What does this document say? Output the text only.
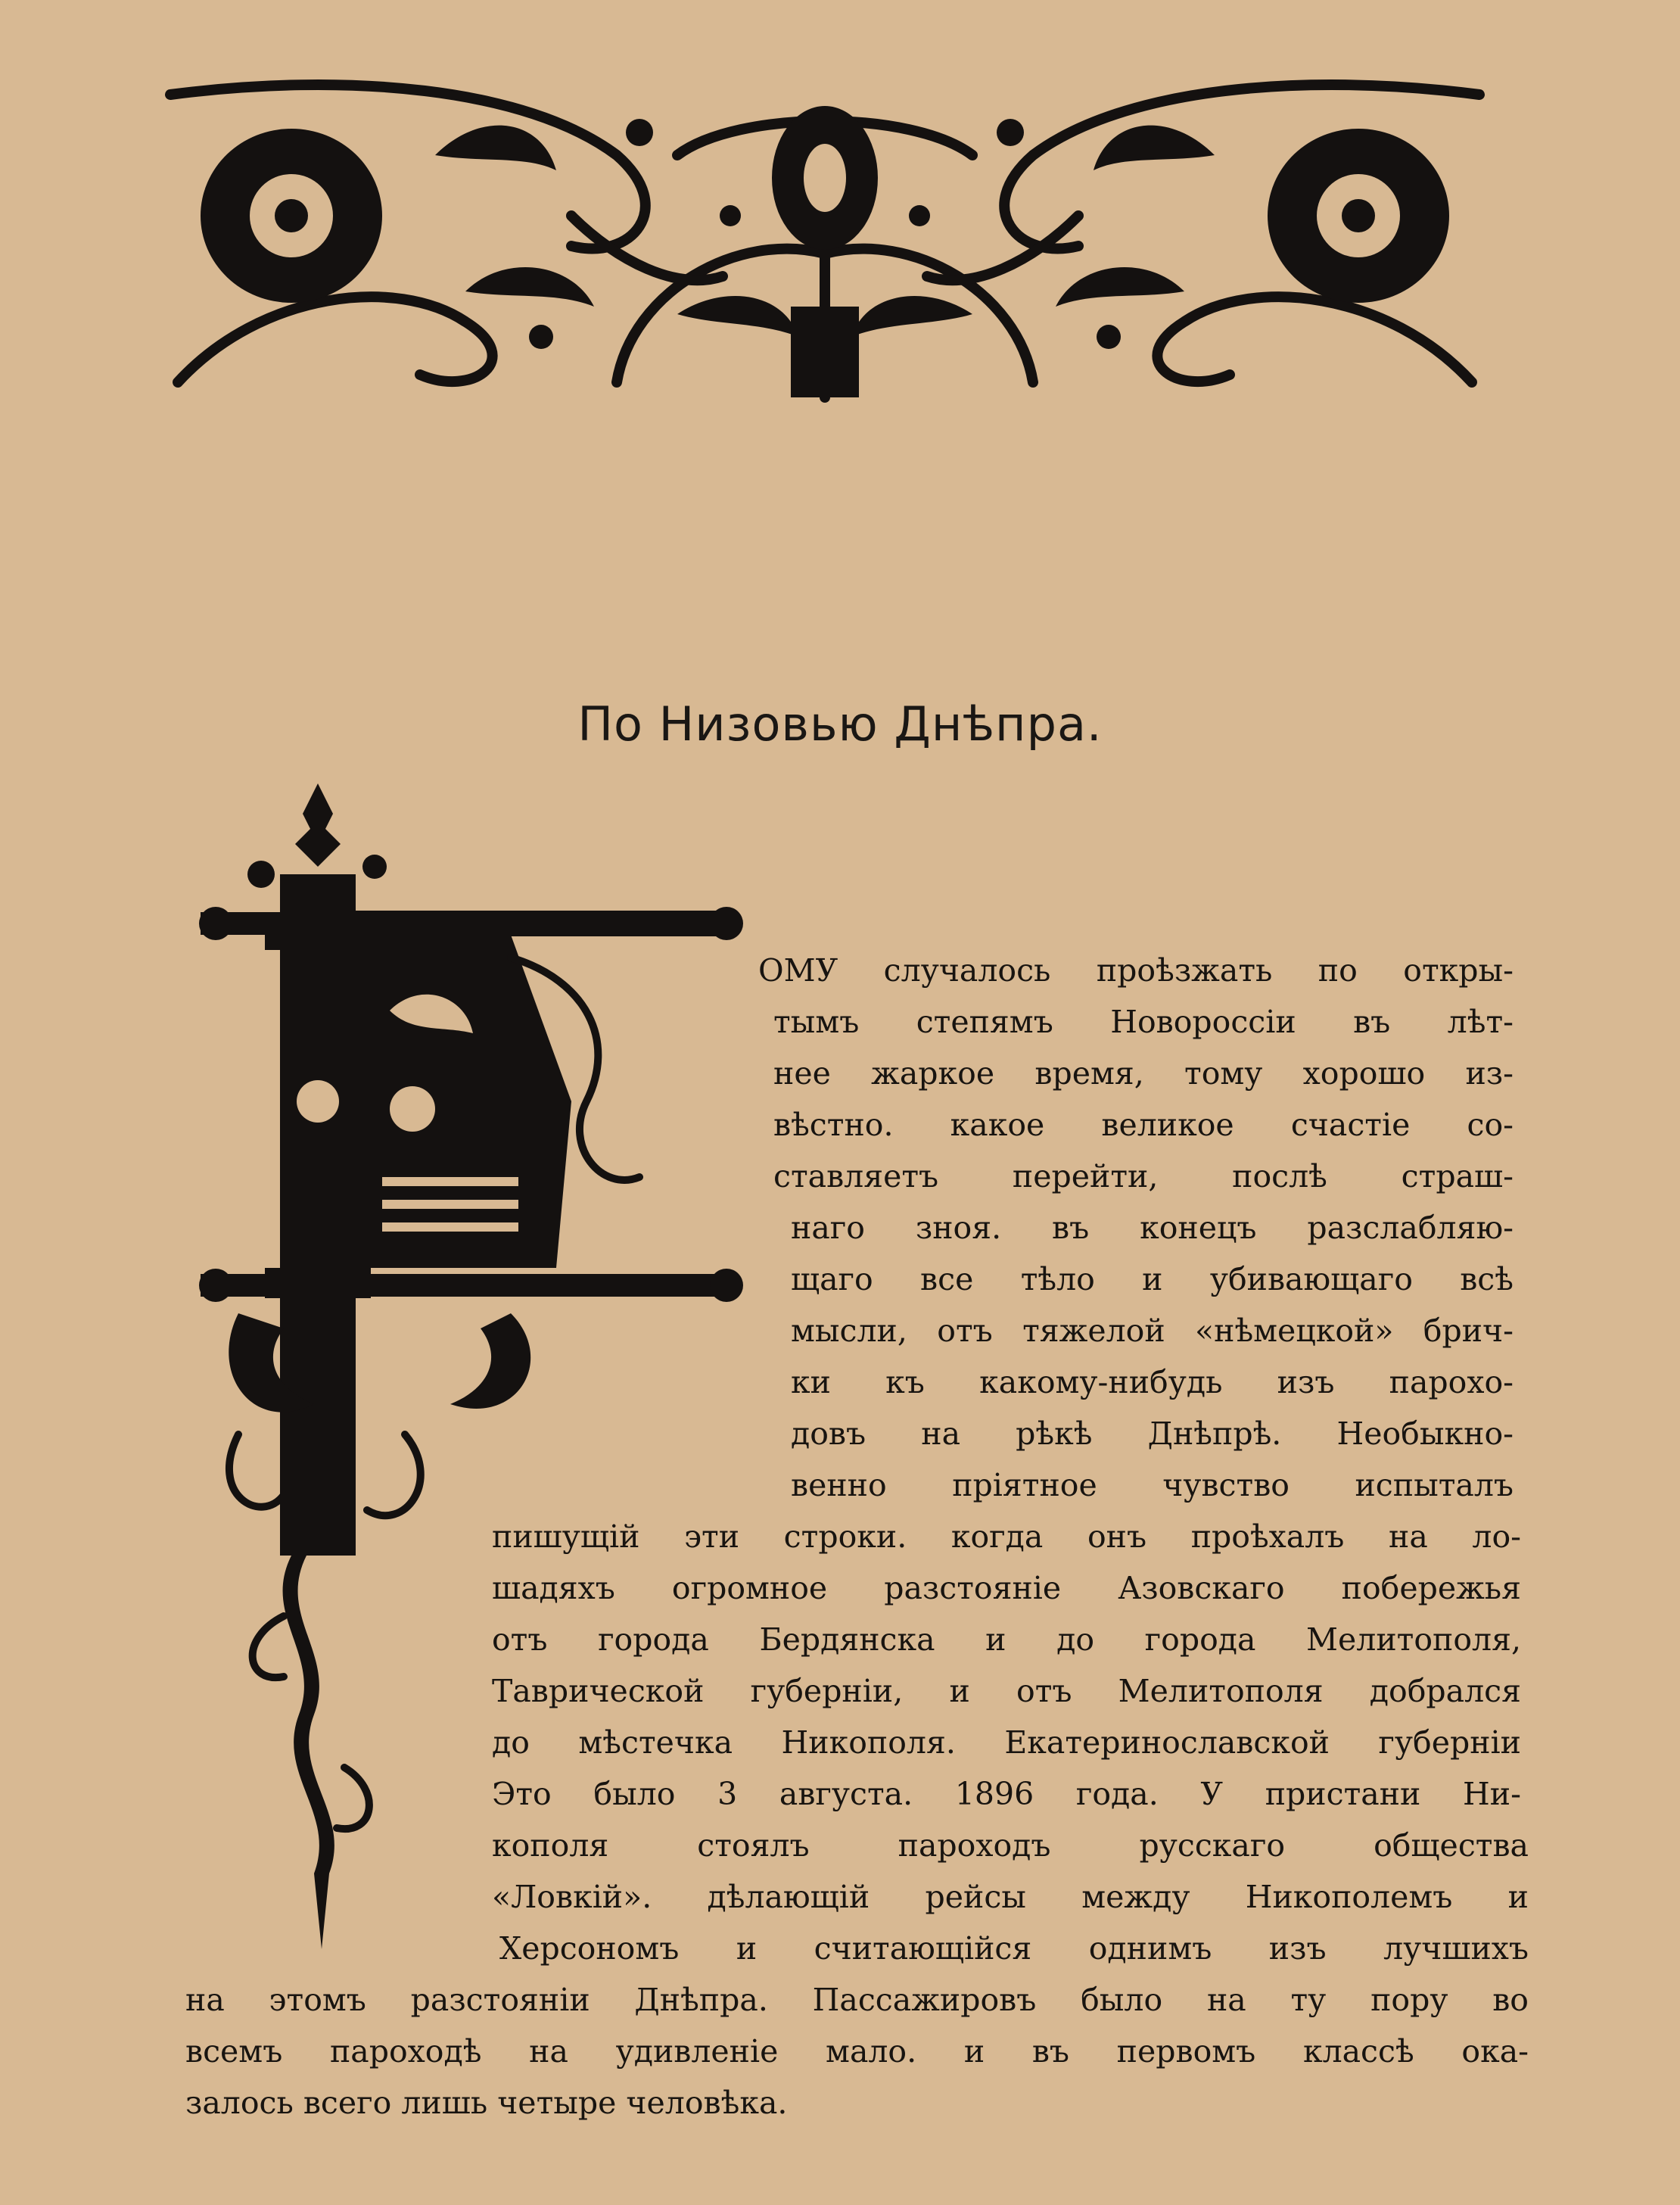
По Низовью Днѣпра.
ОМУ случалось проѣзжать по откры-
тымъ степямъ Новороссіи въ лѣт-
нее жаркое время, тому хорошо из-
вѣстно. какое великое счастіе со-
ставляетъ перейти, послѣ страш-
наго зноя. въ конецъ разслабляю-
щаго все тѣло и убивающаго всѣ
мысли, отъ тяжелой «нѣмецкой» брич-
ки къ какому-нибудь изъ парохо-
довъ на рѣкѣ Днѣпрѣ. Необыкно-
венно пріятное чувство испыталъ
пишущій эти строки. когда онъ проѣхалъ на ло-
шадяхъ огромное разстояніе Азовскаго побережья
отъ города Бердянска и до города Мелитополя,
Таврической губерніи, и отъ Мелитополя добрался
до мѣстечка Никополя. Екатеринославской губерніи
Это было 3 августа. 1896 года. У пристани Ни-
кополя стоялъ пароходъ русскаго общества
«Ловкій». дѣлающій рейсы между Никополемъ и
Херсономъ и считающійся однимъ изъ лучшихъ
на этомъ разстояніи Днѣпра. Пассажировъ было на ту пору во
всемъ пароходѣ на удивленіе мало. и въ первомъ классѣ ока-
залось всего лишь четыре человѣка.
